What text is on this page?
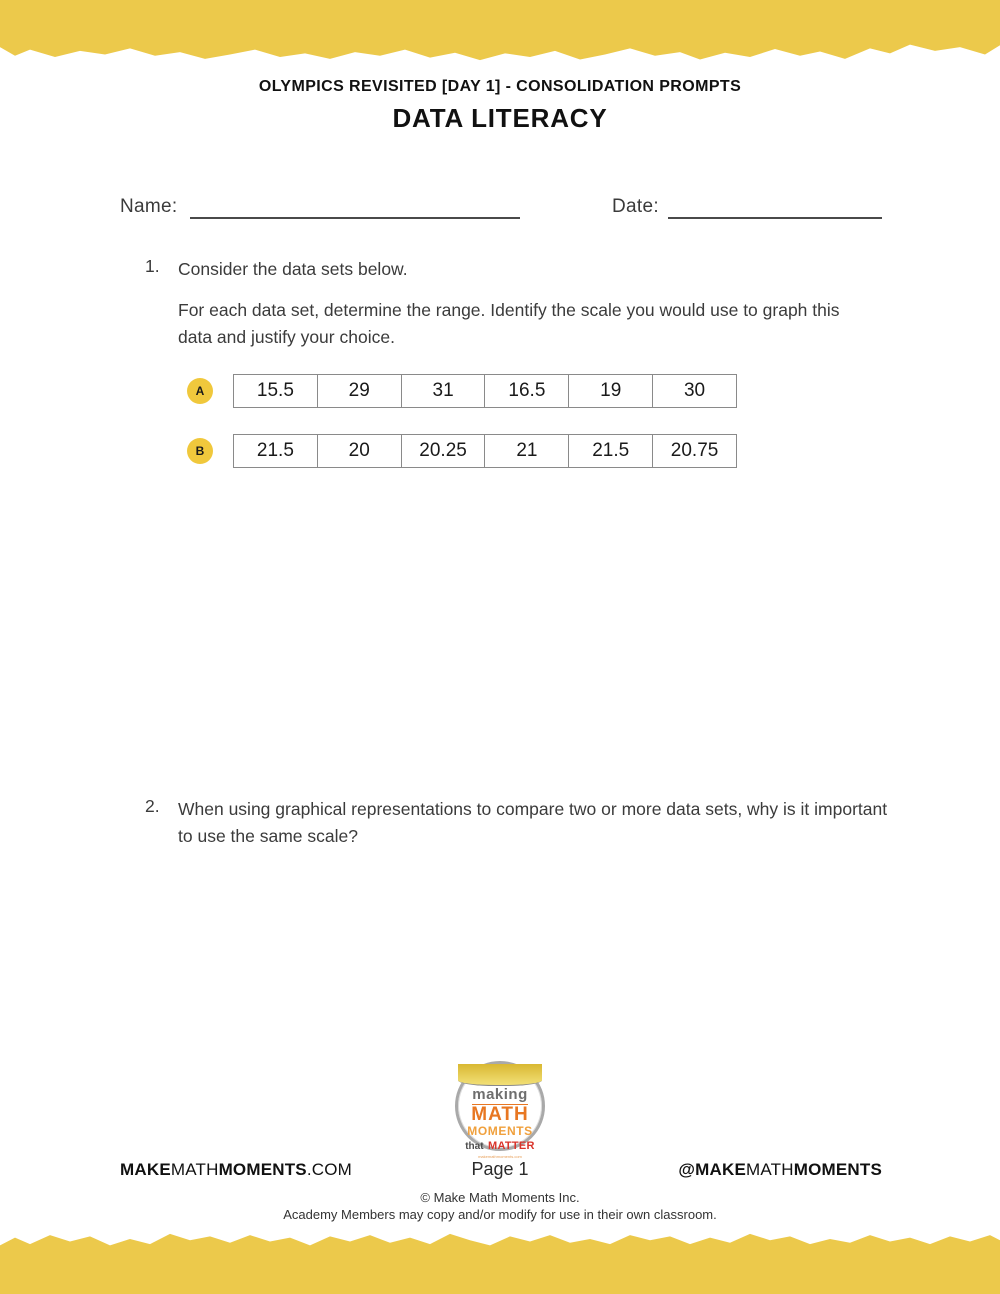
OLYMPICS REVISITED [DAY 1] - CONSOLIDATION PROMPTS
DATA LITERACY
Name:	Date:
1. Consider the data sets below.
For each data set, determine the range. Identify the scale you would use to graph this data and justify your choice.
A	15.5	29	31	16.5	19	30
B	21.5	20	20.25	21	21.5	20.75
2. When using graphical representations to compare two or more data sets, why is it important to use the same scale?
making
MATH
MOMENTS
that MATTER
makemathmoments.com
MAKEMATHMOMENTS.COM	Page 1	@MAKEMATHMOMENTS
© Make Math Moments Inc.
Academy Members may copy and/or modify for use in their own classroom.
